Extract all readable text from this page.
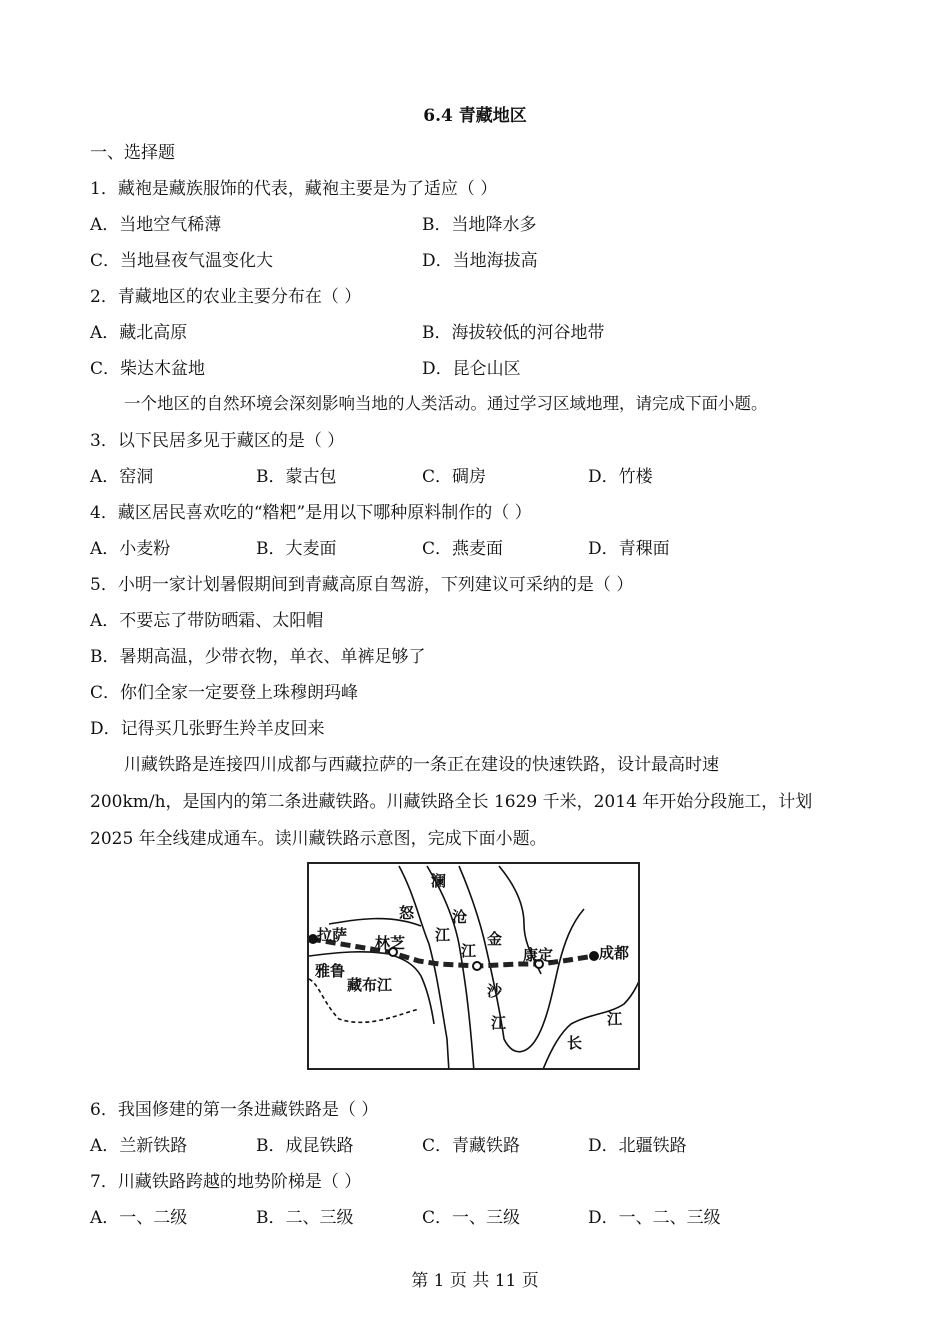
6.4 青藏地区
一、选择题
1．藏袍是藏族服饰的代表，藏袍主要是为了适应（ ）
A．当地空气稀薄	B．当地降水多
C．当地昼夜气温变化大	D．当地海拔高
2．青藏地区的农业主要分布在（ ）
A．藏北高原	B．海拔较低的河谷地带
C．柴达木盆地	D．昆仑山区
一个地区的自然环境会深刻影响当地的人类活动。通过学习区域地理，请完成下面小题。
3．以下民居多见于藏区的是（ ）
A．窑洞	B．蒙古包	C．碉房	D．竹楼
4．藏区居民喜欢吃的“糌粑”是用以下哪种原料制作的（ ）
A．小麦粉	B．大麦面	C．燕麦面	D．青稞面
5．小明一家计划暑假期间到青藏高原自驾游，下列建议可采纳的是（ ）
A．不要忘了带防晒霜、太阳帽
B．暑期高温，少带衣物，单衣、单裤足够了
C．你们全家一定要登上珠穆朗玛峰
D．记得买几张野生羚羊皮回来
川藏铁路是连接四川成都与西藏拉萨的一条正在建设的快速铁路，设计最高时速
200km/h，是国内的第二条进藏铁路。川藏铁路全长 1629 千米，2014 年开始分段施工，计划
2025 年全线建成通车。读川藏铁路示意图，完成下面小题。
拉萨 林芝
康定	成都
澜
沧
江
怒
江 金
沙
江
雅鲁
藏布江
长
江
6．我国修建的第一条进藏铁路是（ ）
A．兰新铁路	B．成昆铁路	C．青藏铁路	D．北疆铁路
7．川藏铁路跨越的地势阶梯是（ ）
A．一、二级	B．二、三级	C．一、三级	D．一、二、三级
第 1 页 共 11 页
